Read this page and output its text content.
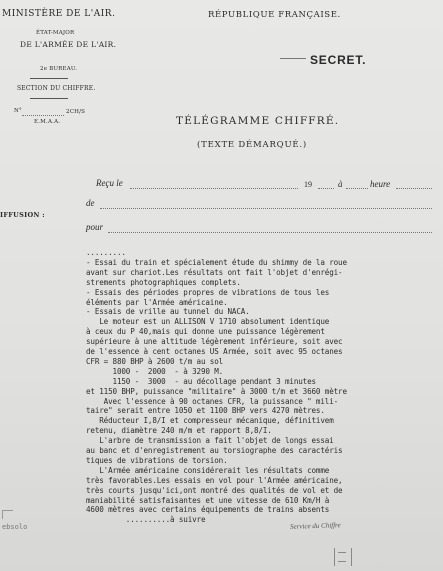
MINISTÈRE DE L'AIR.
ÉTAT-MAJOR
DE L'ARMÉE DE L'AIR.
2e BUREAU.
SECTION DU CHIFFRE.
N°	2CH/S
E.M.A.A.
RÉPUBLIQUE FRANÇAISE.
SECRET.
TÉLÉGRAMME CHIFFRÉ.
(TEXTE DÉMARQUÉ.)
Reçu le	19	à	heure
de
IFFUSION :
pour
.........
- Essai du train et spécialement étude du shimmy de la roue
avant sur chariot.Les résultats ont fait l'objet d'enrégi-
strements photographiques complets.
- Essais des périodes propres de vibrations de tous les
éléments par l'Armée américaine.
- Essais de vrille au tunnel du NACA.
Le moteur est un ALLISON V 1710 absolument identique
à ceux du P 40,mais qui donne une puissance légèrement
supérieure à une altitude légèrement inférieure, soit avec
de l'essence à cent octanes US Armée, soit avec 95 octanes
CFR = 880 BHP à 2600 t/m au sol
1000 -  2000  - à 3290 M.
1150 -  3000  - au décollage pendant 3 minutes
et 1150 BHP, puissance "militaire" à 3000 t/m et 3660 mètre
Avec l'essence à 90 octanes CFR, la puissance " mili-
taire" serait entre 1050 et 1100 BHP vers 4270 mètres.
Réducteur I,8/I et compresseur mécanique, définitivem
retenu, diamètre 240 m/m et rapport 8,8/I.
L'arbre de transmission a fait l'objet de longs essai
au banc et d'enregistrement au torsiographe des caractéris
tiques de vibrations de torsion.
L'Armée américaine considérerait les résultats comme
très favorables.Les essais en vol pour l'Armée américaine,
très courts jusqu'ici,ont montré des qualités de vol et de
maniabilité satisfaisantes et une vitesse de 610 Km/H à
4600 mètres avec certains équipements de trains absents
..........à suivre
Service du Chiffre
ebsolo
